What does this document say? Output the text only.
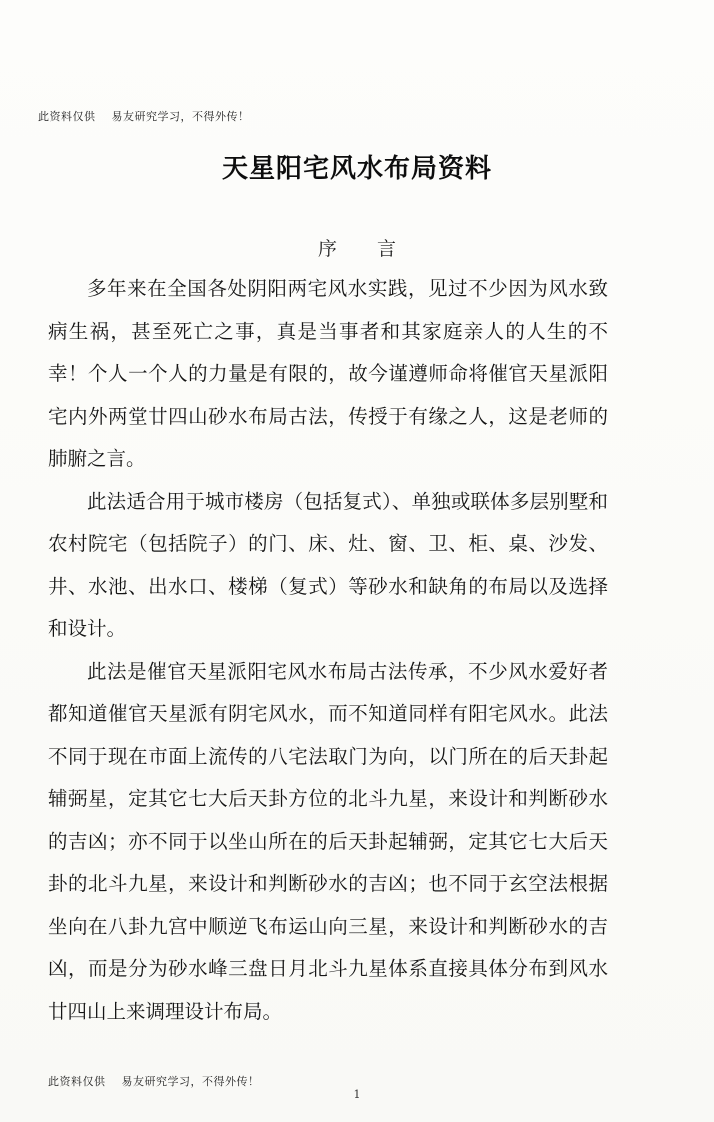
此资料仅供 易友研究学习，不得外传！
天星阳宅风水布局资料
序 言

多年来在全国各处阴阳两宅风水实践，见过不少因为风水致病生祸，甚至死亡之事，真是当事者和其家庭亲人的人生的不幸！个人一个人的力量是有限的，故今谨遵师命将催官天星派阳宅内外两堂廿四山砂水布局古法，传授于有缘之人，这是老师的肺腑之言。

此法适合用于城市楼房（包括复式）、单独或联体多层别墅和农村院宅（包括院子）的门、床、灶、窗、卫、柜、桌、沙发、井、水池、出水口、楼梯（复式）等砂水和缺角的布局以及选择和设计。

此法是催官天星派阳宅风水布局古法传承，不少风水爱好者都知道催官天星派有阴宅风水，而不知道同样有阳宅风水。此法不同于现在市面上流传的八宅法取门为向，以门所在的后天卦起辅弼星，定其它七大后天卦方位的北斗九星，来设计和判断砂水的吉凶；亦不同于以坐山所在的后天卦起辅弼，定其它七大后天卦的北斗九星，来设计和判断砂水的吉凶；也不同于玄空法根据坐向在八卦九宫中顺逆飞布运山向三星，来设计和判断砂水的吉凶，而是分为砂水峰三盘日月北斗九星体系直接具体分布到风水廿四山上来调理设计布局。

此资料仅供 易友研究学习，不得外传！
1
